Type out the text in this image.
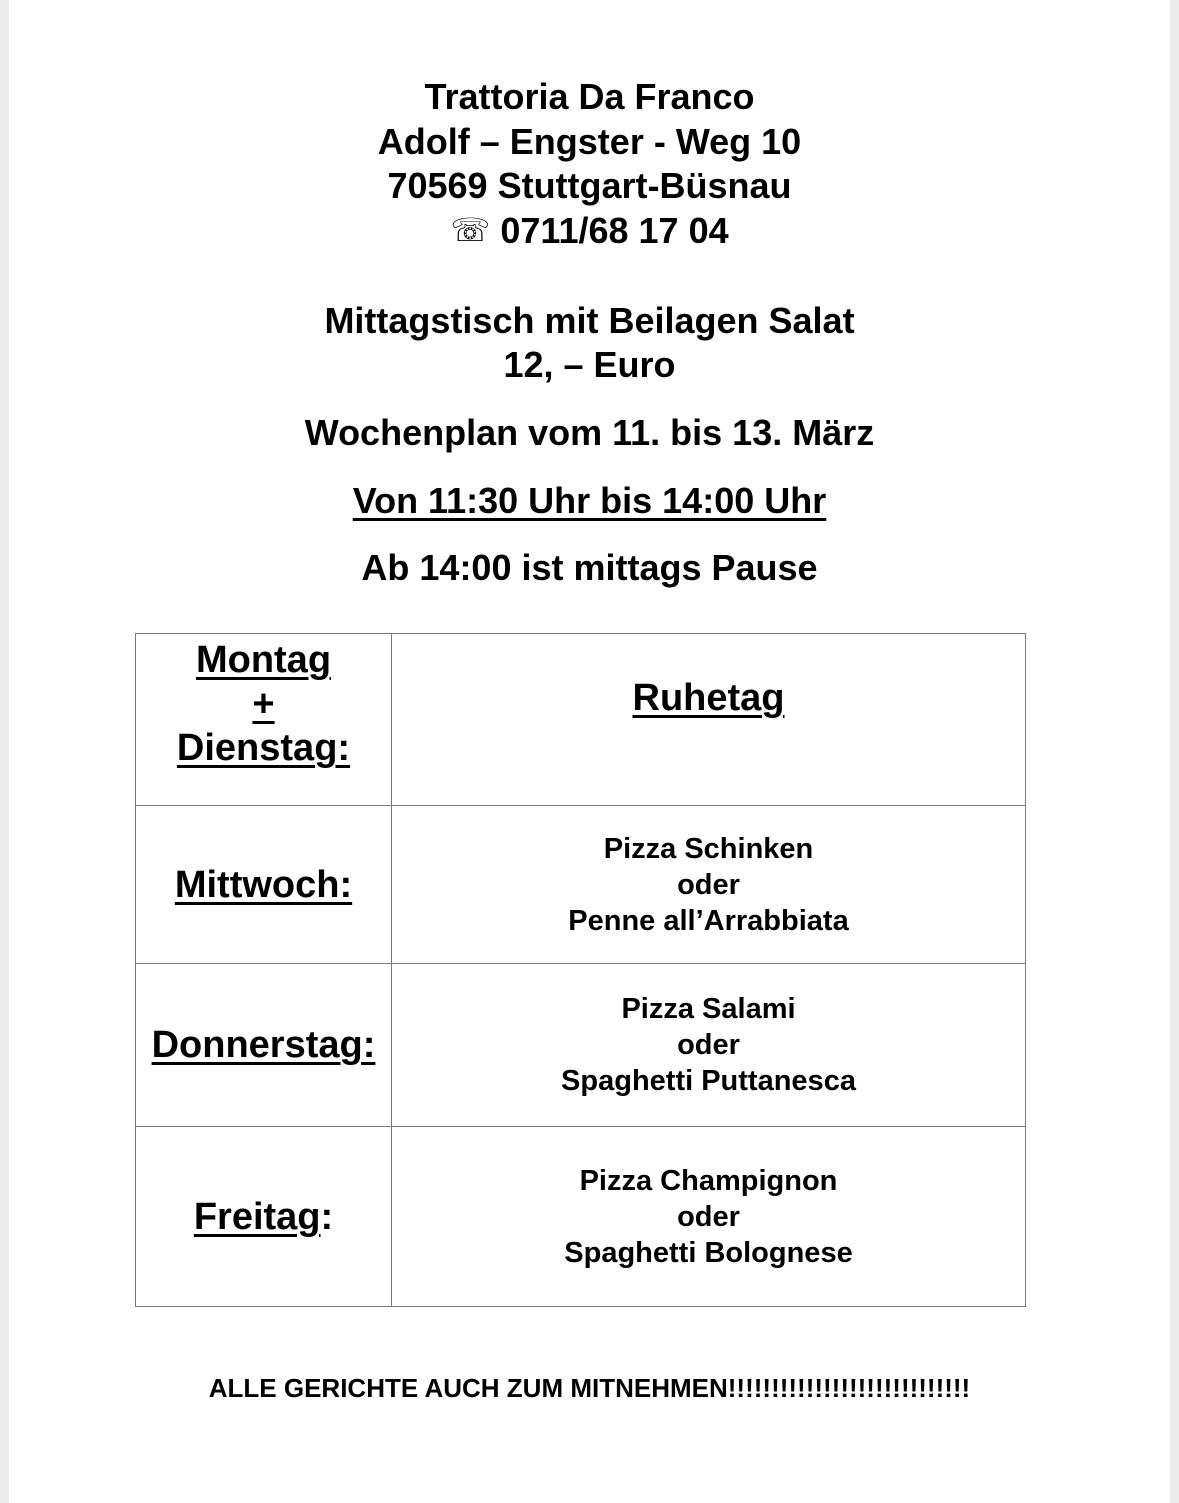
Trattoria Da Franco
Adolf – Engster - Weg 10
70569 Stuttgart-Büsnau
☏ 0711/68 17 04
Mittagstisch mit Beilagen Salat
12, – Euro
Wochenplan vom 11. bis 13. März
Von 11:30 Uhr bis 14:00 Uhr
Ab 14:00 ist mittags Pause
Montag
+
Dienstag:	Ruhetag
Mittwoch:	Pizza Schinken
oder
Penne all’Arrabbiata

Donnerstag:	Pizza Salami
oder
Spaghetti Puttanesca

Freitag:	Pizza Champignon
oder
Spaghetti Bolognese
ALLE GERICHTE AUCH ZUM MITNEHMEN!!!!!!!!!!!!!!!!!!!!!!!!!!!!
